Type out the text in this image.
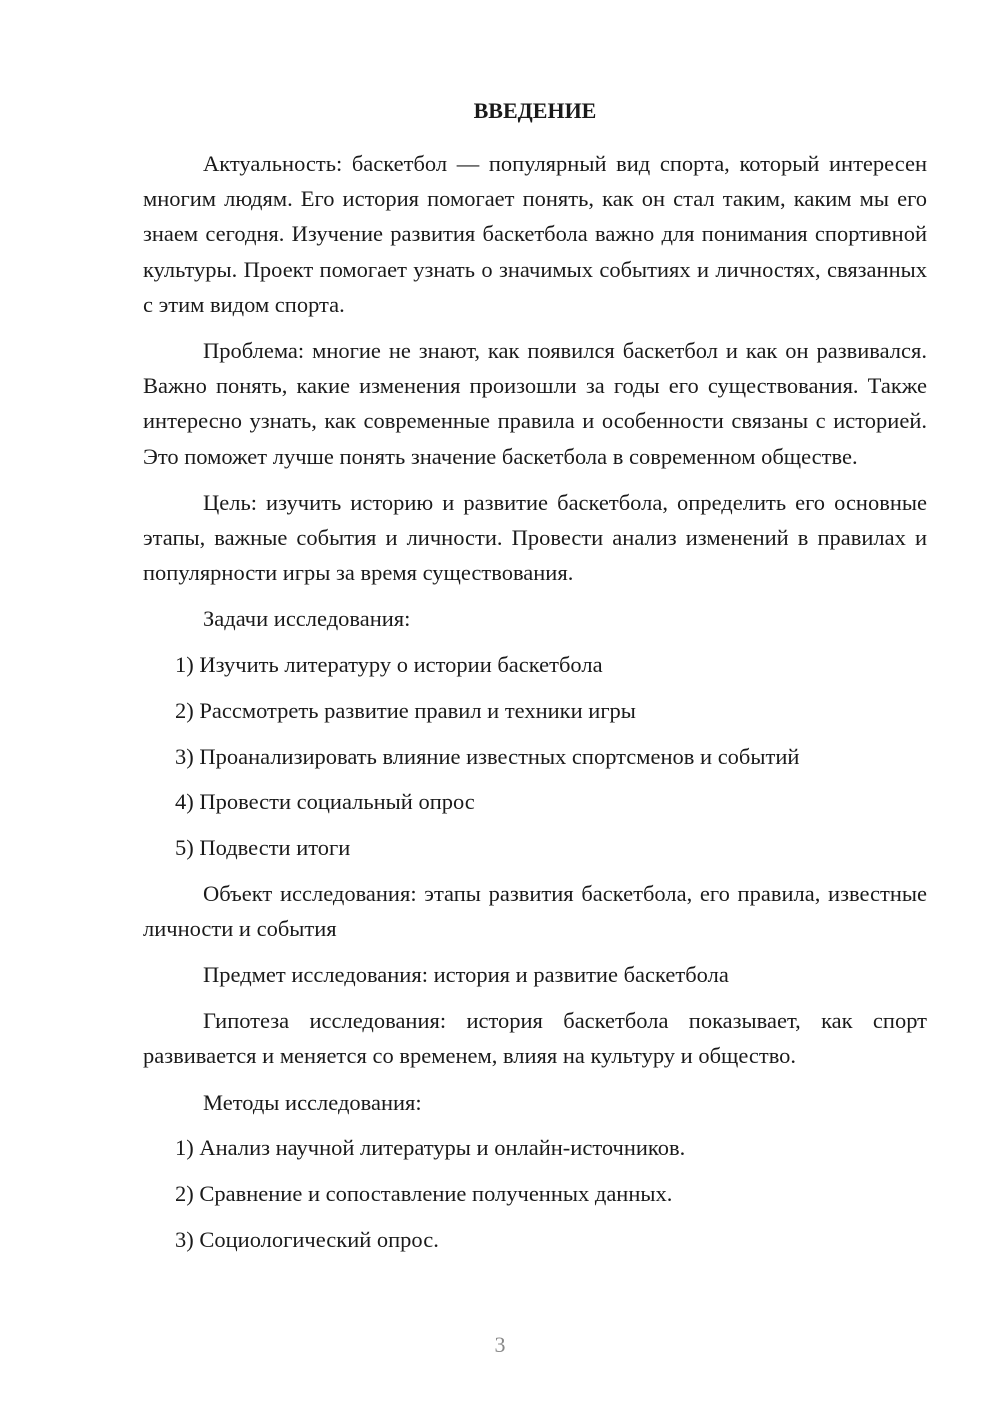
ВВЕДЕНИЕ

Актуальность: баскетбол — популярный вид спорта, который интересен многим людям. Его история помогает понять, как он стал таким, каким мы его знаем сегодня. Изучение развития баскетбола важно для понимания спортивной культуры. Проект помогает узнать о значимых событиях и личностях, связанных с этим видом спорта.

Проблема: многие не знают, как появился баскетбол и как он развивался. Важно понять, какие изменения произошли за годы его существования. Также интересно узнать, как современные правила и особенности связаны с историей. Это поможет лучше понять значение баскетбола в современном обществе.

Цель: изучить историю и развитие баскетбола, определить его основные этапы, важные события и личности. Провести анализ изменений в правилах и популярности игры за время существования.

Задачи исследования:
1) Изучить литературу о истории баскетбола
2) Рассмотреть развитие правил и техники игры
3) Проанализировать влияние известных спортсменов и событий
4) Провести социальный опрос
5) Подвести итоги

Объект исследования: этапы развития баскетбола, его правила, известные личности и события

Предмет исследования: история и развитие баскетбола

Гипотеза исследования: история баскетбола показывает, как спорт развивается и меняется со временем, влияя на культуру и общество.

Методы исследования:
1) Анализ научной литературы и онлайн-источников.
2) Сравнение и сопоставление полученных данных.
3) Социологический опрос.
3
